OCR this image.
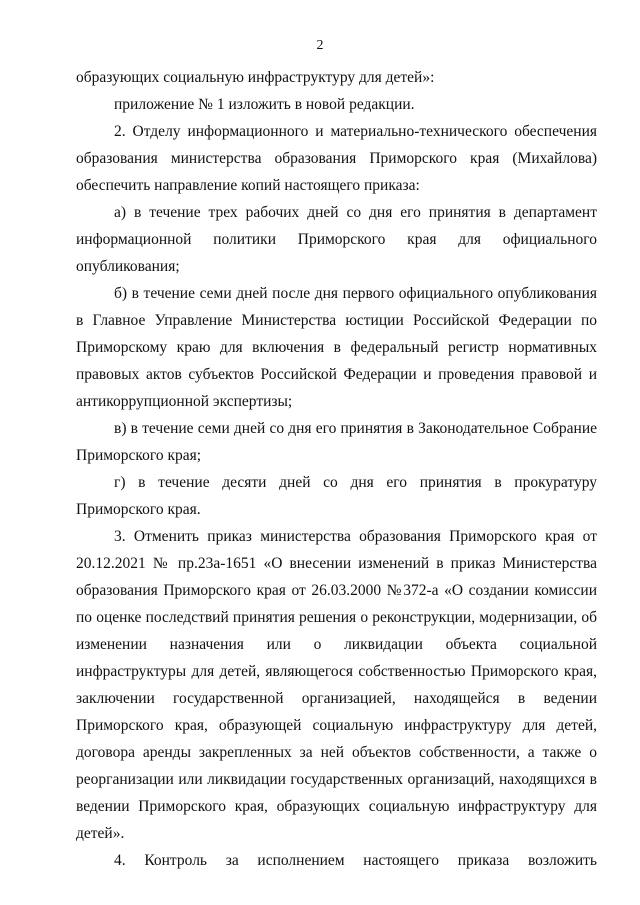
2

образующих социальную инфраструктуру для детей»:

приложение № 1 изложить в новой редакции.

2. Отделу информационного и материально-технического обеспечения образования министерства образования Приморского края (Михайлова) обеспечить направление копий настоящего приказа:

а) в течение трех рабочих дней со дня его принятия в департамент информационной политики Приморского края для официального опубликования;

б) в течение семи дней после дня первого официального опубликования в Главное Управление Министерства юстиции Российской Федерации по Приморскому краю для включения в федеральный регистр нормативных правовых актов субъектов Российской Федерации и проведения правовой и антикоррупционной экспертизы;

в) в течение семи дней со дня его принятия в Законодательное Собрание Приморского края;

г) в течение десяти дней со дня его принятия в прокуратуру Приморского края.

3. Отменить приказ министерства образования Приморского края от 20.12.2021 № пр.23а-1651 «О внесении изменений в приказ Министерства образования Приморского края от 26.03.2000 №372-а «О создании комиссии по оценке последствий принятия решения о реконструкции, модернизации, об изменении назначения или о ликвидации объекта социальной инфраструктуры для детей, являющегося собственностью Приморского края, заключении государственной организацией, находящейся в ведении Приморского края, образующей социальную инфраструктуру для детей, договора аренды закрепленных за ней объектов собственности, а также о реорганизации или ликвидации государственных организаций, находящихся в ведении Приморского края, образующих социальную инфраструктуру для детей».

4. Контроль за исполнением настоящего приказа возложить
